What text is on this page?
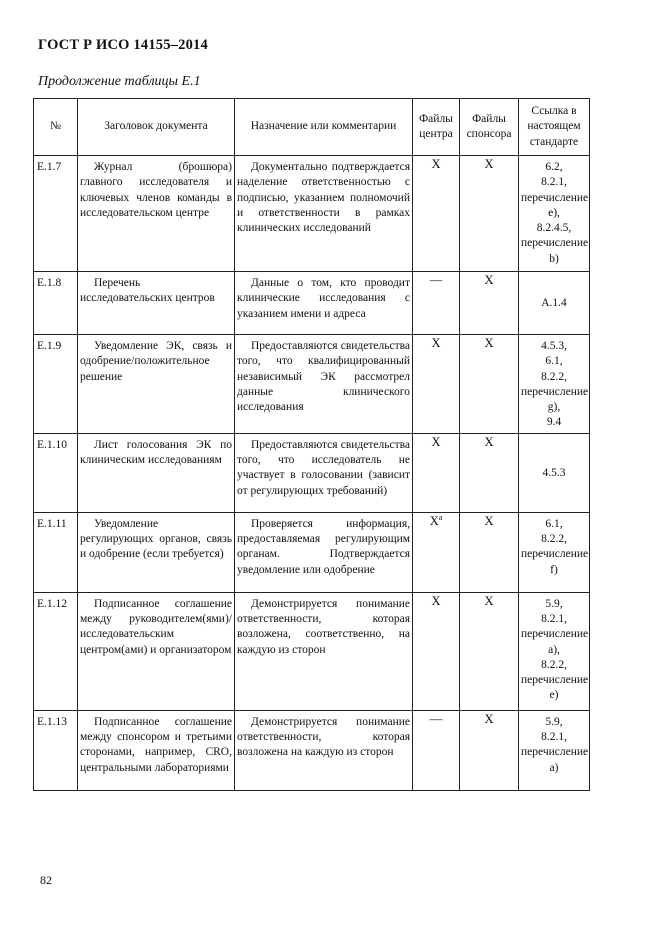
ГОСТ Р ИСО 14155–2014
Продолжение таблицы Е.1
№	Заголовок документа	Назначение или комментарии	Файлы центра	Файлы спонсора	Ссылка в настоящем стандарте
Е.1.7	Журнал (брошюра) главного исследователя и ключевых членов команды в исследовательском центре	Документально подтверждается наделение ответственностью с подписью, указанием полномочий и ответственности в рамках клинических исследований	X	X	6.2,
8.2.1,
перечисление е),
8.2.4.5,
перечисление b)

Е.1.8	Перечень исследовательских центров	Данные о том, кто проводит клинические исследования с указанием имени и адреса	—	X	А.1.4

Е.1.9	Уведомление ЭК, связь и одобрение/положительное решение	Предоставляются свидетельства того, что квалифицированный независимый ЭК рассмотрел данные клинического исследования	X	X	4.5.3,
6.1,
8.2.2,
перечисление g),
9.4

Е.1.10	Лист голосования ЭК по клиническим исследованиям	Предоставляются свидетельства того, что исследователь не участвует в голосовании (зависит от регулирующих требований)	X	X	4.5.3

Е.1.11	Уведомление регулирующих органов, связь и одобрение (если требуется)	Проверяется информация, предоставляемая регулирующим органам. Подтверждается уведомление или одобрение	$X^a$	X	6.1,
8.2.2,
перечисление f)

Е.1.12	Подписанное соглашение между руководителем(ями)/ исследовательским центром(ами) и организатором	Демонстрируется понимание ответственности, которая возложена, соответственно, на каждую из сторон	X	X	5.9,
8.2.1,
перечисление а),
8.2.2,
перечисление е)

Е.1.13	Подписанное соглашение между спонсором и третьими сторонами, например, CRO, центральными лабораториями	Демонстрируется понимание ответственности, которая возложена на каждую из сторон	—	X	5.9,
8.2.1,
перечисление а)
82
